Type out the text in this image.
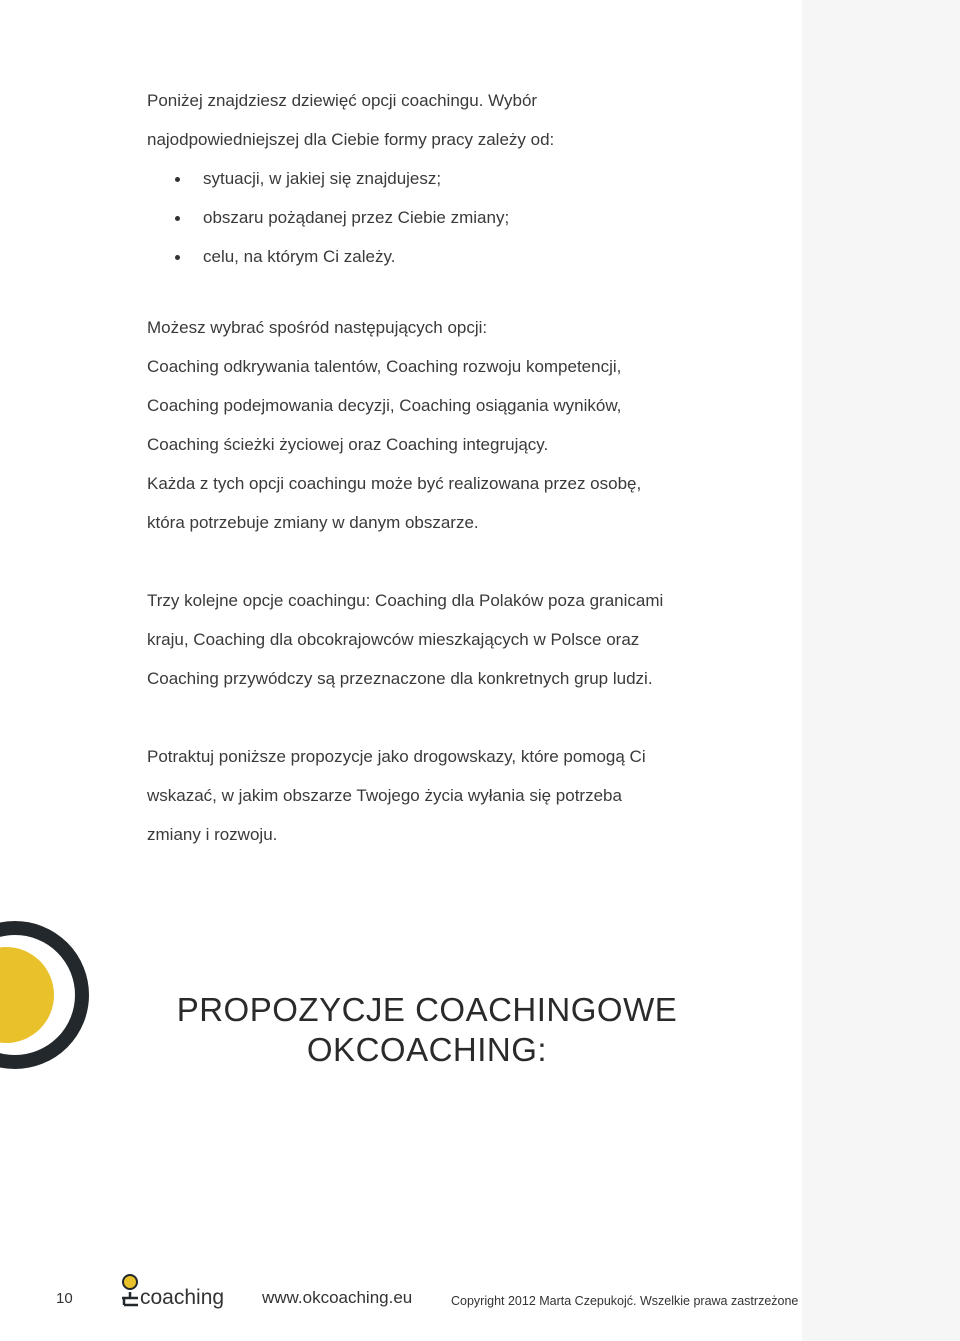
Poniżej znajdziesz dziewięć opcji coachingu. Wybór
najodpowiedniejszej dla Ciebie formy pracy zależy od:
sytuacji, w jakiej się znajdujesz;
obszaru pożądanej przez Ciebie zmiany;
celu, na którym Ci zależy.
Możesz wybrać spośród następujących opcji:
Coaching odkrywania talentów, Coaching rozwoju kompetencji,
Coaching podejmowania decyzji, Coaching osiągania wyników,
Coaching ścieżki życiowej oraz Coaching integrujący.
Każda z tych opcji coachingu może być realizowana przez osobę,
która potrzebuje zmiany w danym obszarze.
Trzy kolejne opcje coachingu: Coaching dla Polaków poza granicami
kraju, Coaching dla obcokrajowców mieszkających w Polsce oraz
Coaching przywódczy są przeznaczone dla konkretnych grup ludzi.
Potraktuj poniższe propozycje jako drogowskazy, które pomogą Ci
wskazać, w jakim obszarze Twojego życia wyłania się potrzeba
zmiany i rozwoju.
PROPOZYCJE COACHINGOWE
OKCOACHING:
10	coaching www.okcoaching.eu	Copyright 2012 Marta Czepukojć. Wszelkie prawa zastrzeżone
